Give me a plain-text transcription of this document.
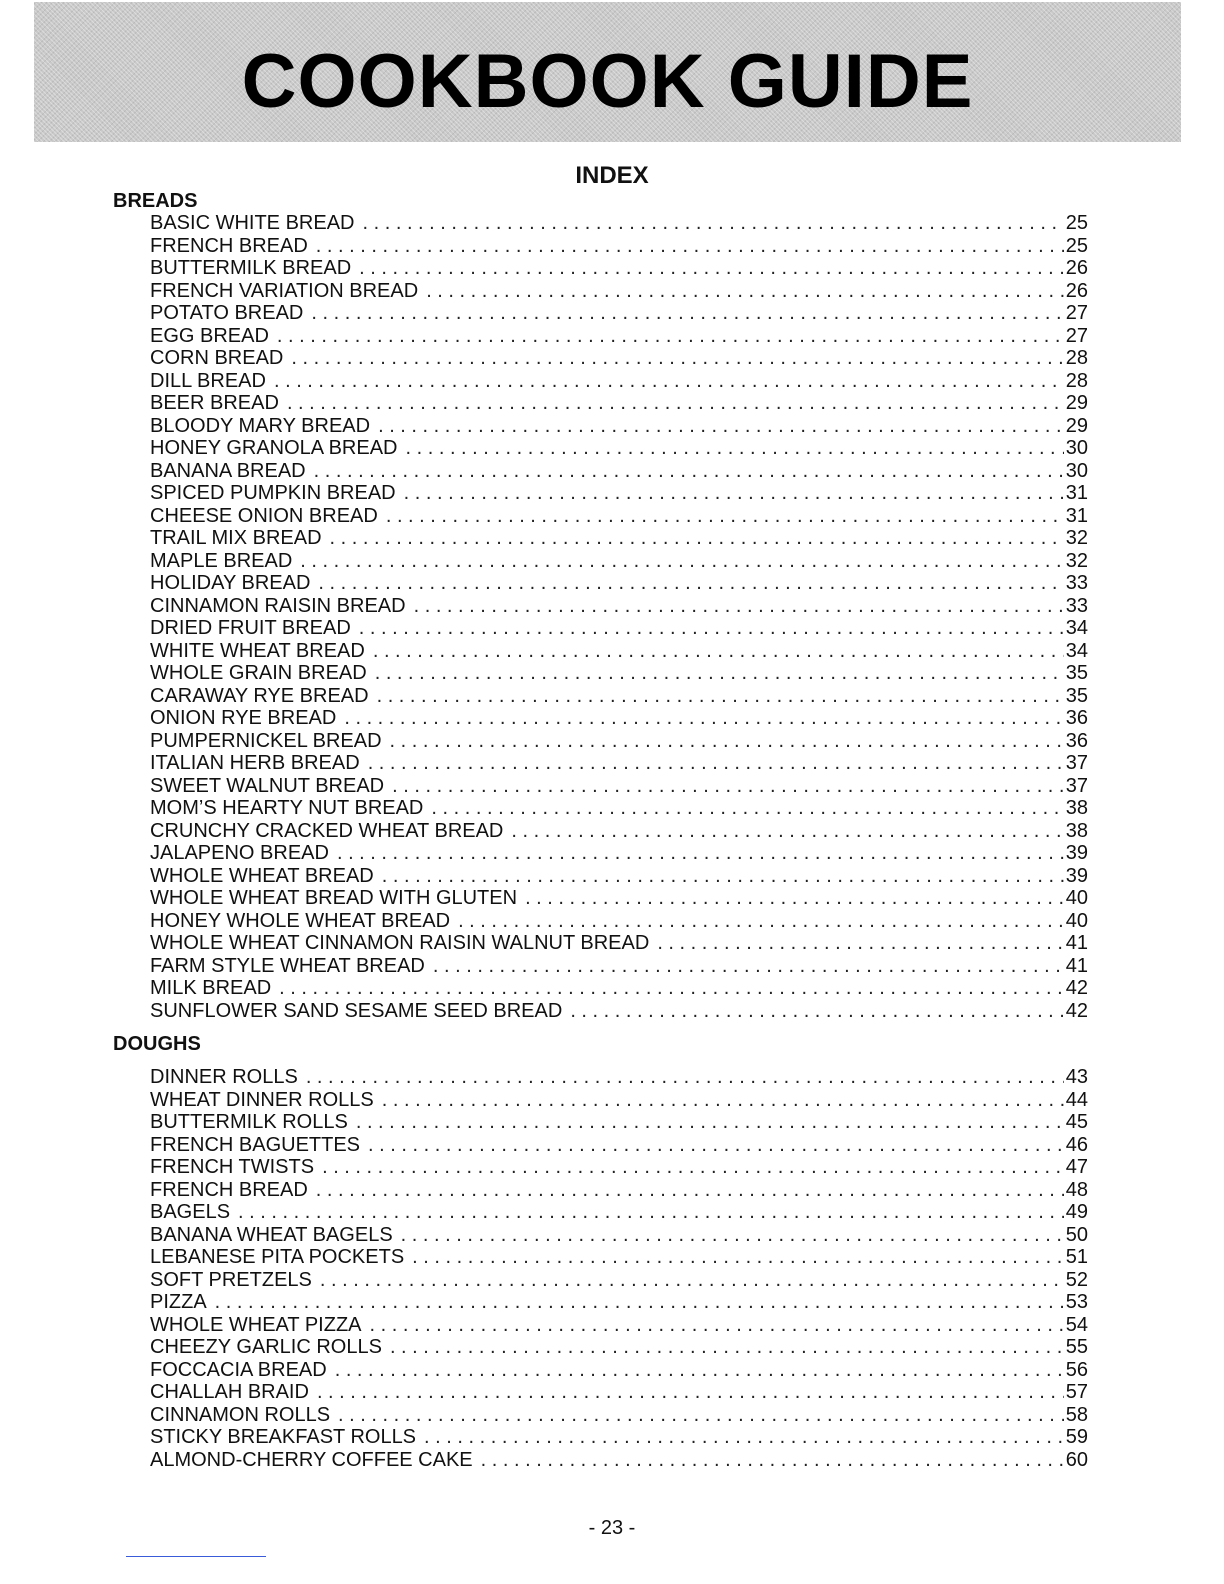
COOKBOOK GUIDE
INDEX
BREADS
BASIC WHITE BREAD . . .	25
FRENCH BREAD . . .	25
BUTTERMILK BREAD . . .	26
FRENCH VARIATION BREAD . . .	26
POTATO BREAD . . .	27
EGG BREAD . . .	27
CORN BREAD . . .	28
DILL BREAD . . .	28
BEER BREAD . . .	29
BLOODY MARY BREAD . . .	29
HONEY GRANOLA BREAD . . .	30
BANANA BREAD . . .	30
SPICED PUMPKIN BREAD . . .	31
CHEESE ONION BREAD . . .	31
TRAIL MIX BREAD . . .	32
MAPLE BREAD . . .	32
HOLIDAY BREAD . . .	33
CINNAMON RAISIN BREAD . . .	33
DRIED FRUIT BREAD . . .	34
WHITE WHEAT BREAD . . .	34
WHOLE GRAIN BREAD . . .	35
CARAWAY RYE BREAD . . .	35
ONION RYE BREAD . . .	36
PUMPERNICKEL BREAD . . .	36
ITALIAN HERB BREAD . . .	37
SWEET WALNUT BREAD . . .	37
MOM’S HEARTY NUT BREAD . . .	38
CRUNCHY CRACKED WHEAT BREAD . . .	38
JALAPENO BREAD . . .	39
WHOLE WHEAT BREAD . . .	39
WHOLE WHEAT BREAD WITH GLUTEN . . .	40
HONEY WHOLE WHEAT BREAD . . .	40
WHOLE WHEAT CINNAMON RAISIN WALNUT BREAD . . .	41
FARM STYLE WHEAT BREAD . . .	41
MILK BREAD . . .	42
SUNFLOWER SAND SESAME SEED BREAD . . .	42
DOUGHS
DINNER ROLLS . . .	43
WHEAT DINNER ROLLS . . .	44
BUTTERMILK ROLLS . . .	45
FRENCH BAGUETTES . . .	46
FRENCH TWISTS . . .	47
FRENCH BREAD . . .	48
BAGELS . . .	49
BANANA WHEAT BAGELS . . .	50
LEBANESE PITA POCKETS . . .	51
SOFT PRETZELS . . .	52
PIZZA . . .	53
WHOLE WHEAT PIZZA . . .	54
CHEEZY GARLIC ROLLS . . .	55
FOCCACIA BREAD . . .	56
CHALLAH BRAID . . .	57
CINNAMON ROLLS . . .	58
STICKY BREAKFAST ROLLS . . .	59
ALMOND-CHERRY COFFEE CAKE . . .	60
- 23 -
